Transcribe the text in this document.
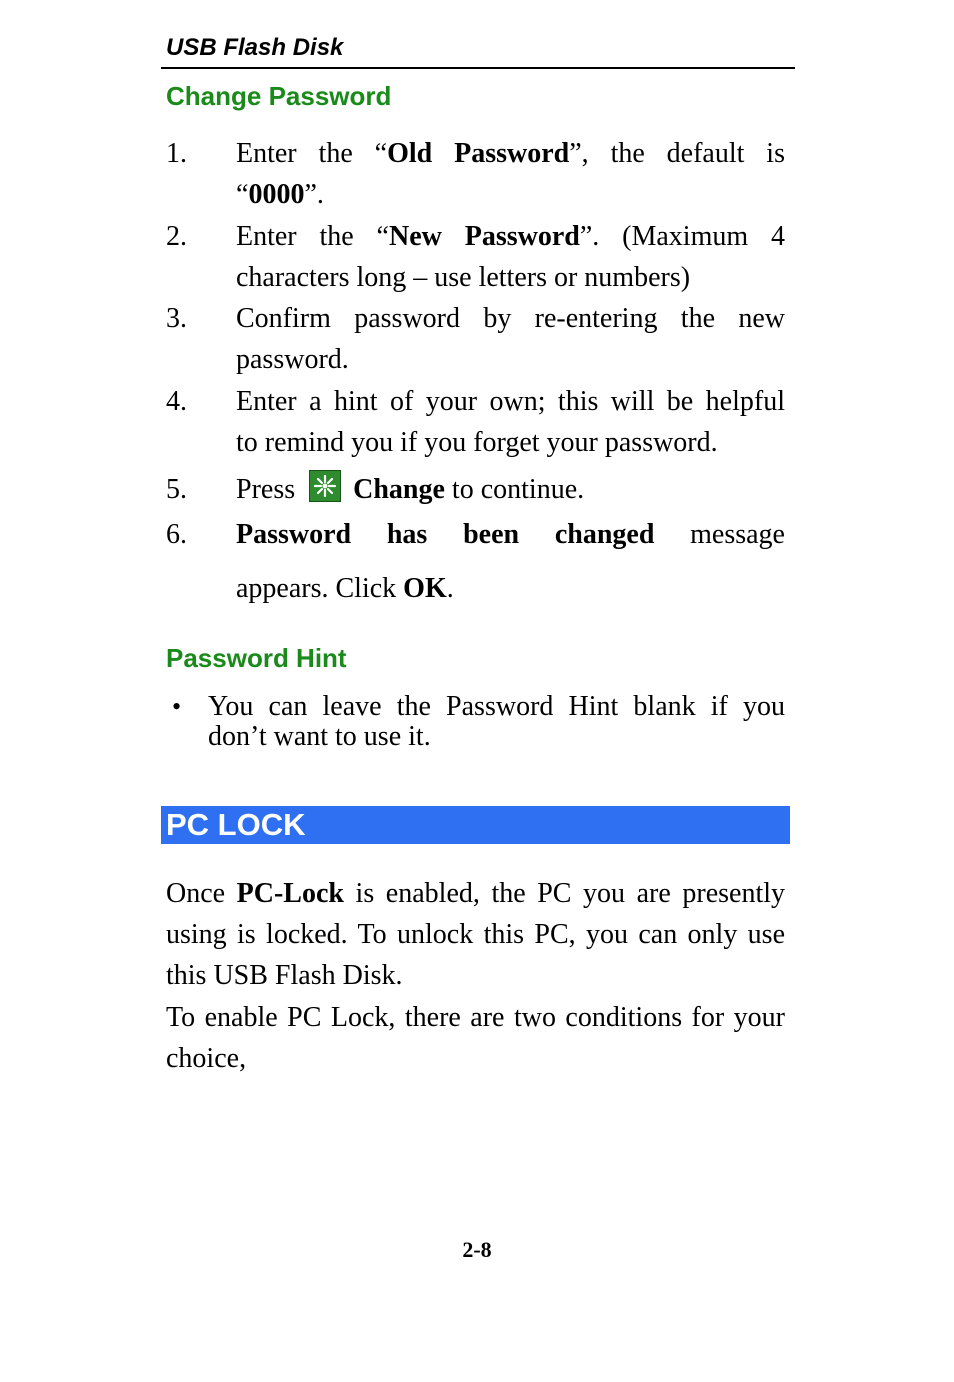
USB Flash Disk
Change Password
1. Enter the “Old Password”, the default is
“0000”.
2. Enter the “New Password”. (Maximum 4
characters long – use letters or numbers)
3. Confirm password by re-entering the new
password.
4. Enter a hint of your own; this will be helpful
to remind you if you forget your password.
5. Press Change to continue.
6. Password has been changed message
appears. Click OK.
Password Hint
• You can leave the Password Hint blank if you
don’t want to use it.
PC LOCK
Once PC-Lock is enabled, the PC you are presently using is locked. To unlock this PC, you can only use this USB Flash Disk.
To enable PC Lock, there are two conditions for your choice,
2-8
